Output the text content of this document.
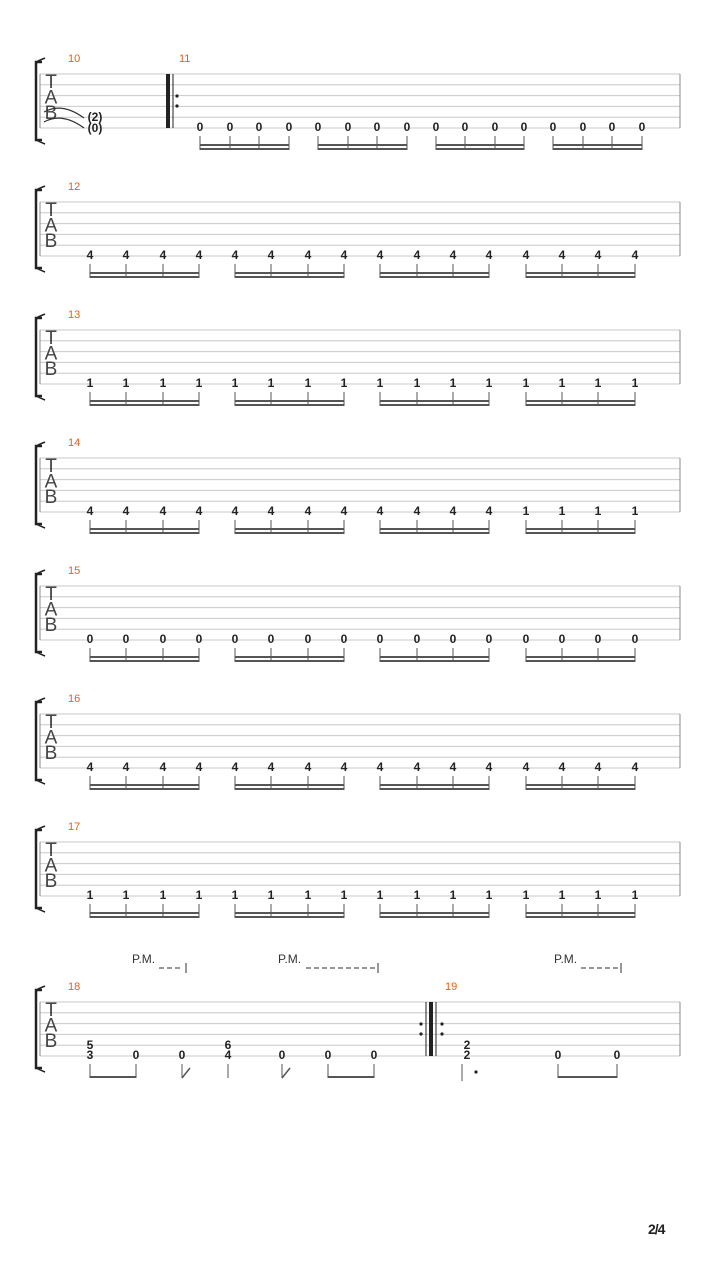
T
A
B
10
(2)
(0)
11
0 0 0 0 0 0 0 0 0 0 0 0 0 0 0 0
T
A
B
12
4 4	4 4 4 4	4 4 4	4 4 4	4 4 4	4
T
A
B
13
1 1	1 1 1 1	1 1 1	1 1 1	1 1 1	1
T
A
B
14
4 4	4 4 4 4	4 4 4	4 4 4	1 1 1	1
T
A
B
15
0 0	0 0 0 0	0 0 0	0 0 0	0 0 0	0
T
A
B
16
4 4	4 4 4 4	4 4 4	4 4 4	4 4 4	4
T
A
B
17
1 1	1 1 1 1	1 1 1	1 1 1	1 1 1	1
T
A
B
18
5
3	0	0
6
4	0	0	0
P.M.	P.M.	P.M.
19
2
2	0	0
2/4
